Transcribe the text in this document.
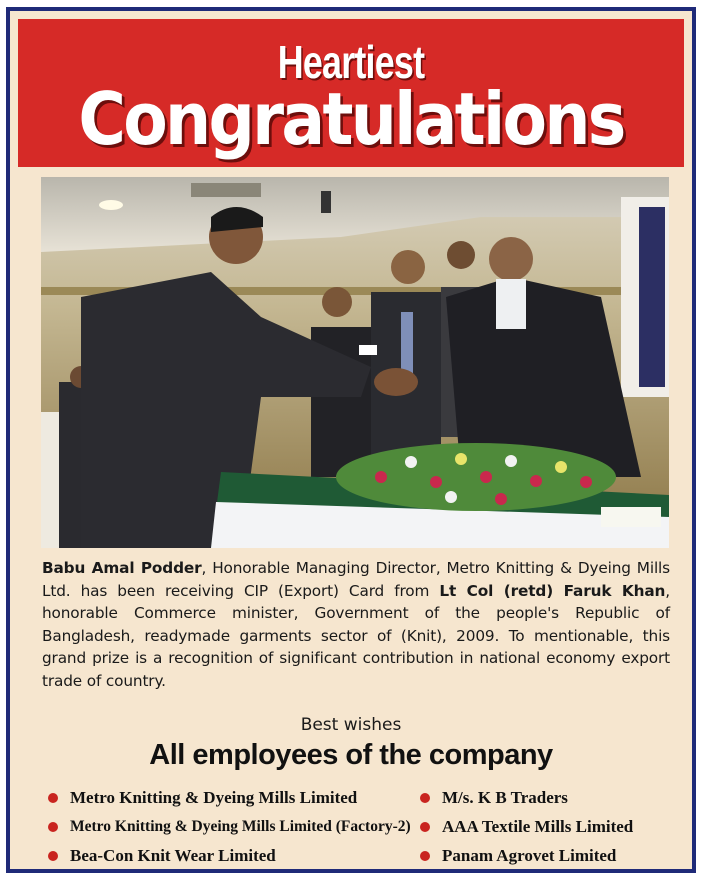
Heartiest
Congratulations
Babu Amal Podder, Honorable Managing Director, Metro Knitting & Dyeing Mills Ltd. has been receiving CIP (Export) Card from Lt Col (retd) Faruk Khan, honorable Commerce minister, Government of the people's Republic of Bangladesh, readymade garments sector of (Knit), 2009. To mentionable, this grand prize is a recognition of significant contribution in national economy export trade of country.
Best wishes
All employees of the company
Metro Knitting & Dyeing Mills Limited
Metro Knitting & Dyeing Mills Limited (Factory-2)
Bea-Con Knit Wear Limited
M/s. K B Traders
AAA Textile Mills Limited
Panam Agrovet Limited
